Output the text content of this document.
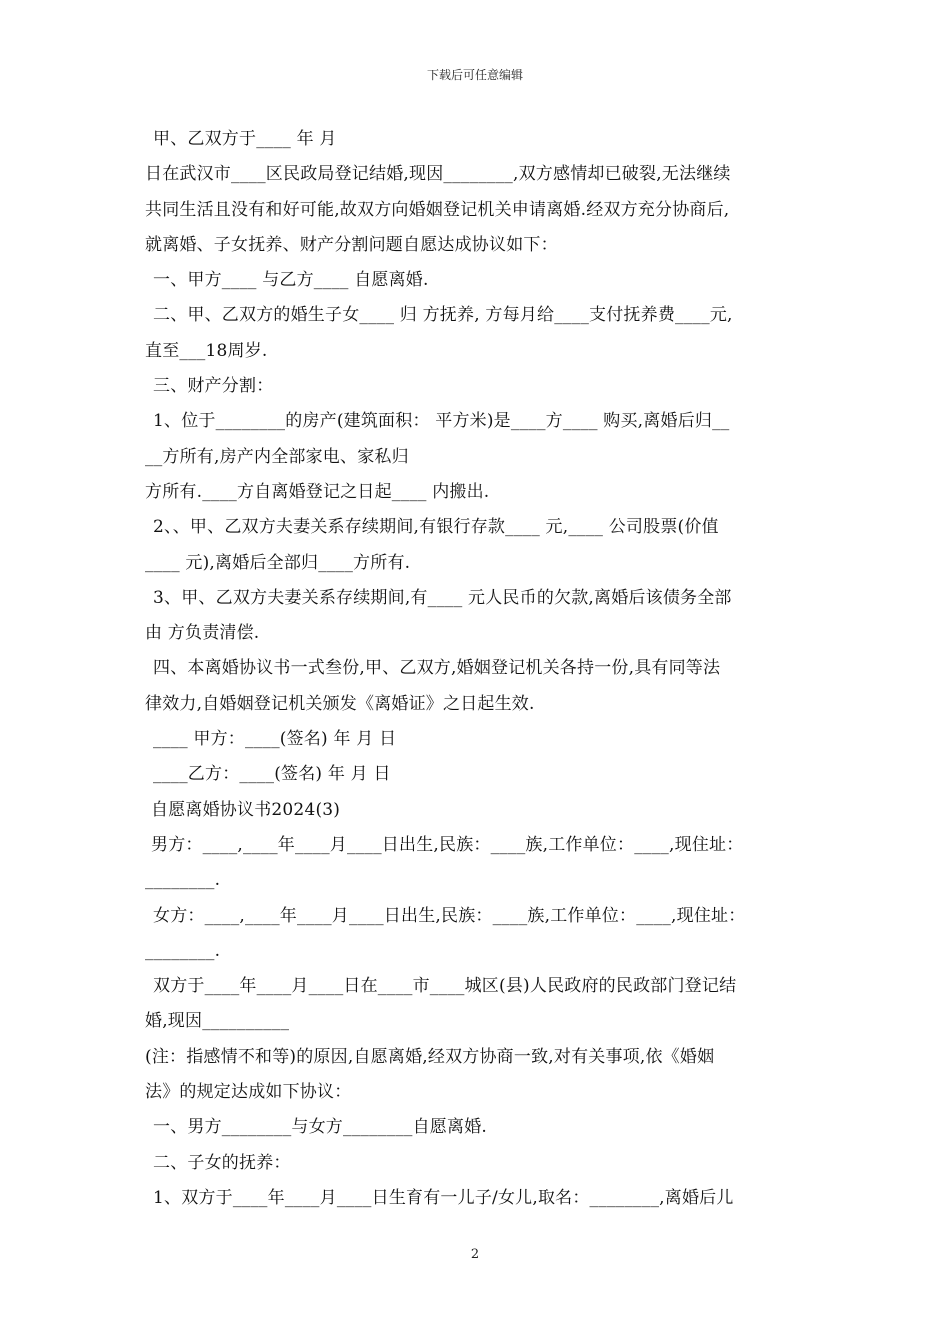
下载后可任意编辑
甲、乙双方于____ 年 月
日在武汉市____区民政局登记结婚,现因________,双方感情却已破裂,无法继续
共同生活且没有和好可能,故双方向婚姻登记机关申请离婚.经双方充分协商后,
就离婚、子女抚养、财产分割问题自愿达成协议如下：
一、甲方____ 与乙方____ 自愿离婚.
二、甲、乙双方的婚生子女____ 归 方抚养, 方每月给____支付抚养费____元,
直至___18周岁.
三、财产分割：
1、位于________的房产(建筑面积： 平方米)是____方____ 购买,离婚后归__
__方所有,房产内全部家电、家私归
方所有.____方自离婚登记之日起____ 内搬出.
2、、甲、乙双方夫妻关系存续期间,有银行存款____ 元,____ 公司股票(价值
____ 元),离婚后全部归____方所有.
3、甲、乙双方夫妻关系存续期间,有____ 元人民币的欠款,离婚后该债务全部
由 方负责清偿.
四、本离婚协议书一式叁份,甲、乙双方,婚姻登记机关各持一份,具有同等法
律效力,自婚姻登记机关颁发《离婚证》之日起生效.
____ 甲方：____(签名) 年 月 日
____乙方：____(签名) 年 月 日
自愿离婚协议书2024(3)
男方：____,____年____月____日出生,民族：____族,工作单位：____,现住址：
________.
女方：____,____年____月____日出生,民族：____族,工作单位：____,现住址：
________.
双方于____年____月____日在____市____城区(县)人民政府的民政部门登记结
婚,现因__________
(注：指感情不和等)的原因,自愿离婚,经双方协商一致,对有关事项,依《婚姻
法》的规定达成如下协议：
一、男方________与女方________自愿离婚.
二、子女的抚养：
1、双方于____年____月____日生育有一儿子/女儿,取名：________,离婚后儿
2
